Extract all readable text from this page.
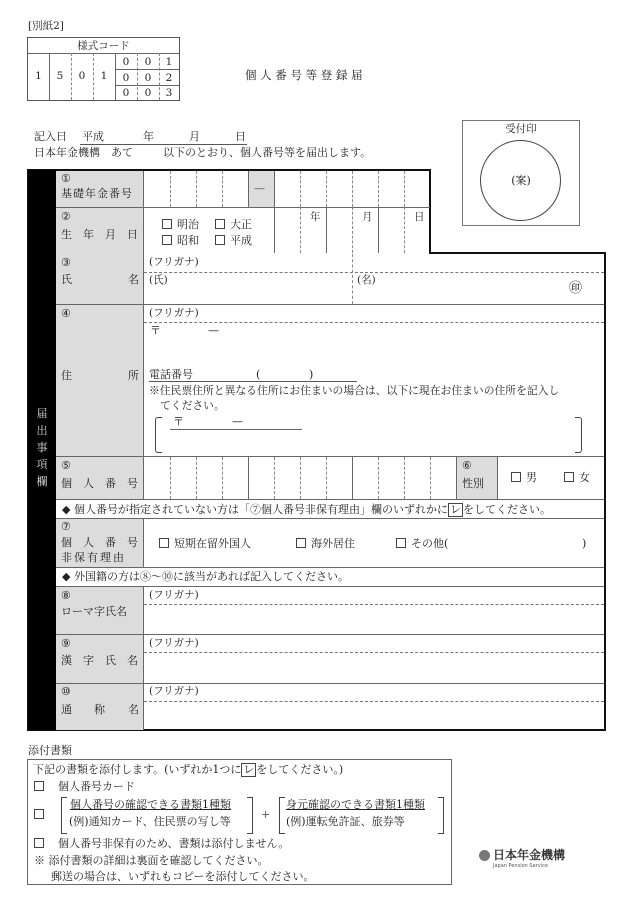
[別紙2]
様式コード
1	5	0	1
0	0	1
0	0	2
0	0	3
個 人 番 号 等 登 録 届
記入日 平成	年	月	日
日本年金機構　あて	以下のとおり、個人番号等を届出します。
受付印
(案)
届
出
事
項
欄
①
基礎年金番号	—
②
生　年　月　日
明治	大正
昭和	平成
年	月	日
③
氏	名
(フリガナ)
(氏)	(名)
㊞
④
住	所
(フリガナ)
〒	—
電話番号	(	)
※住民票住所と異なる住所にお住まいの場合は、以下に現在お住まいの住所を記入し
てください。
〒	—
⑤
個　人　番　号
⑥
性別	男	女
◆ 個人番号が指定されていない方は「⑦個人番号非保有理由」欄のいずれかに レ をしてください。
⑦
個　人　番　号
非保有理由
短期在留外国人	海外居住	その他(	)
◆ 外国籍の方は⑧～⑩に該当があれば記入してください。
⑧
ローマ字氏名
(フリガナ)
⑨
漢　字　氏　名
(フリガナ)
⑩
通 称 名
(フリガナ)
添付書類
下記の書類を添付します。(いずれか1つに レ をしてください。)
個人番号カード
個人番号の確認できる書類1種類
(例)通知カード、住民票の写し等
+
身元確認のできる書類1種類
(例)運転免許証、旅券等
個人番号非保有のため、書類は添付しません。
※ 添付書類の詳細は裏面を確認してください。
郵送の場合は、いずれもコピーを添付してください。
日本年金機構
Japan Pension Service
